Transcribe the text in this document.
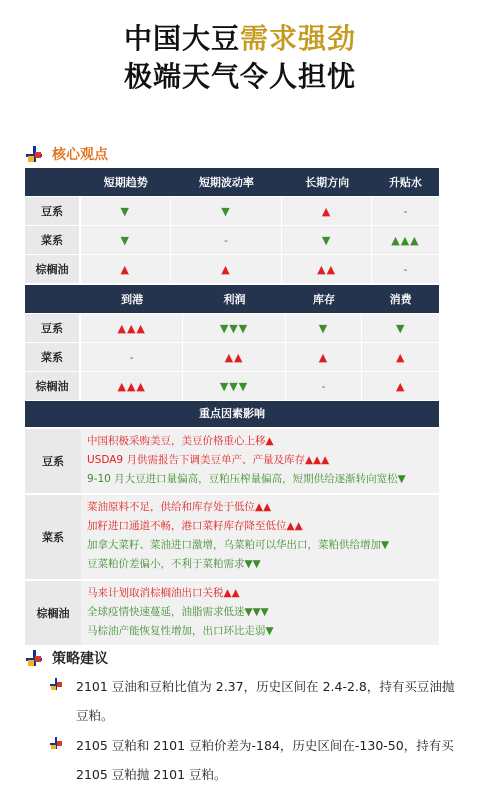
中国大豆需求强劲
极端天气令人担忧
核心观点
	短期趋势	短期波动率	长期方向	升贴水
豆系	▼	▼	▲	-
菜系	▼	-	▼	▲▲▲
棕榈油	▲	▲	▲▲	-
	到港	利润	库存	消费
豆系	▲▲▲	▼▼▼	▼	▼
菜系	-	▲▲	▲	▲
棕榈油	▲▲▲	▼▼▼	-	▲
重点因素影响
豆系
中国积极采购美豆，美豆价格重心上移▲
USDA9 月供需报告下调美豆单产、产量及库存▲▲▲
9-10 月大豆进口量偏高，豆粕压榨量偏高，短期供给逐渐转向宽松▼
菜系
菜油原料不足，供给和库存处于低位▲▲
加籽进口通道不畅，港口菜籽库存降至低位▲▲
加拿大菜籽、菜油进口激增，乌菜粕可以华出口，菜粕供给增加▼
豆菜粕价差偏小，不利于菜粕需求▼▼
棕榈油
马来计划取消棕榈油出口关税▲▲
全球疫情快速蔓延，油脂需求低迷▼▼▼
马棕油产能恢复性增加，出口环比走弱▼
策略建议
2101 豆油和豆粕比值为 2.37，历史区间在 2.4-2.8，持有买豆油抛豆粕。
2105 豆粕和 2101 豆粕价差为-184，历史区间在-130-50，持有买 2105 豆粕抛 2101 豆粕。
